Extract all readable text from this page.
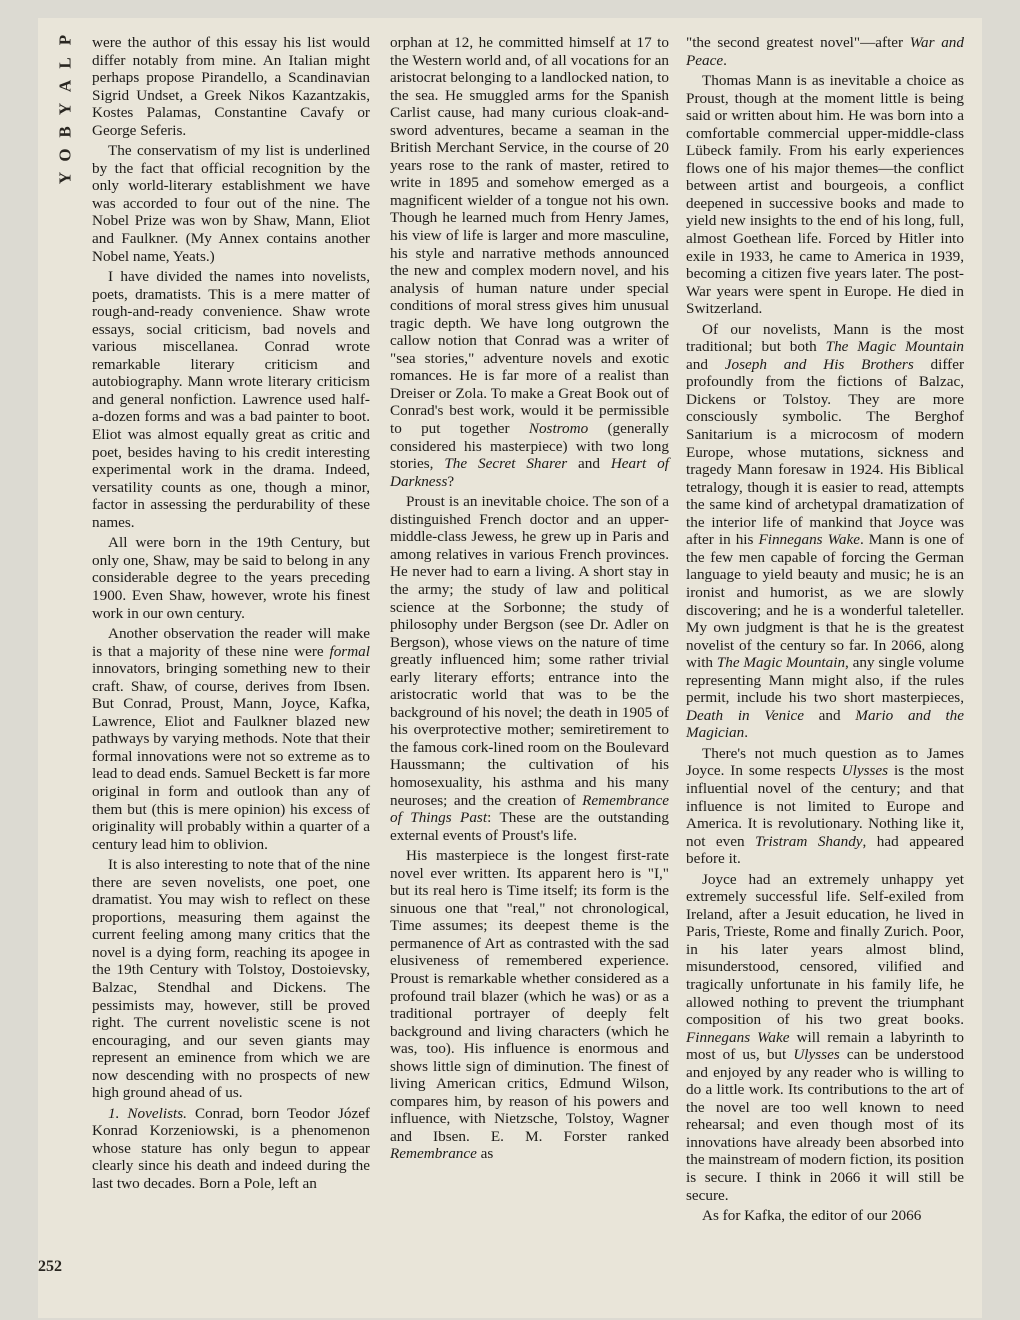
P
L
A
Y
B
O
Y
252

were the author of this essay his list would differ notably from mine. An Italian might perhaps propose Pirandello, a Scandinavian Sigrid Undset, a Greek Nikos Kazantzakis, Kostes Palamas, Constantine Cavafy or George Seferis.

The conservatism of my list is underlined by the fact that official recognition by the only world-literary establishment we have was accorded to four out of the nine. The Nobel Prize was won by Shaw, Mann, Eliot and Faulkner. (My Annex contains another Nobel name, Yeats.)

I have divided the names into novelists, poets, dramatists. This is a mere matter of rough-and-ready convenience. Shaw wrote essays, social criticism, bad novels and various miscellanea. Conrad wrote remarkable literary criticism and autobiography. Mann wrote literary criticism and general nonfiction. Lawrence used half-a-dozen forms and was a bad painter to boot. Eliot was almost equally great as critic and poet, besides having to his credit interesting experimental work in the drama. Indeed, versatility counts as one, though a minor, factor in assessing the perdurability of these names.

All were born in the 19th Century, but only one, Shaw, may be said to belong in any considerable degree to the years preceding 1900. Even Shaw, however, wrote his finest work in our own century.

Another observation the reader will make is that a majority of these nine were formal innovators, bringing something new to their craft. Shaw, of course, derives from Ibsen. But Conrad, Proust, Mann, Joyce, Kafka, Lawrence, Eliot and Faulkner blazed new pathways by varying methods. Note that their formal innovations were not so extreme as to lead to dead ends. Samuel Beckett is far more original in form and outlook than any of them but (this is mere opinion) his excess of originality will probably within a quarter of a century lead him to oblivion.

It is also interesting to note that of the nine there are seven novelists, one poet, one dramatist. You may wish to reflect on these proportions, measuring them against the current feeling among many critics that the novel is a dying form, reaching its apogee in the 19th Century with Tolstoy, Dostoievsky, Balzac, Stendhal and Dickens. The pessimists may, however, still be proved right. The current novelistic scene is not encouraging, and our seven giants may represent an eminence from which we are now descending with no prospects of new high ground ahead of us.

1. Novelists. Conrad, born Teodor Józef Konrad Korzeniowski, is a phenomenon whose stature has only begun to appear clearly since his death and indeed during the last two decades. Born a Pole, left an

orphan at 12, he committed himself at 17 to the Western world and, of all vocations for an aristocrat belonging to a landlocked nation, to the sea. He smuggled arms for the Spanish Carlist cause, had many curious cloak-and-sword adventures, became a seaman in the British Merchant Service, in the course of 20 years rose to the rank of master, retired to write in 1895 and somehow emerged as a magnificent wielder of a tongue not his own. Though he learned much from Henry James, his view of life is larger and more masculine, his style and narrative methods announced the new and complex modern novel, and his analysis of human nature under special conditions of moral stress gives him unusual tragic depth. We have long outgrown the callow notion that Conrad was a writer of "sea stories," adventure novels and exotic romances. He is far more of a realist than Dreiser or Zola. To make a Great Book out of Conrad's best work, would it be permissible to put together Nostromo (generally considered his masterpiece) with two long stories, The Secret Sharer and Heart of Darkness?

Proust is an inevitable choice. The son of a distinguished French doctor and an upper-middle-class Jewess, he grew up in Paris and among relatives in various French provinces. He never had to earn a living. A short stay in the army; the study of law and political science at the Sorbonne; the study of philosophy under Bergson (see Dr. Adler on Bergson), whose views on the nature of time greatly influenced him; some rather trivial early literary efforts; entrance into the aristocratic world that was to be the background of his novel; the death in 1905 of his overprotective mother; semiretirement to the famous cork-lined room on the Boulevard Haussmann; the cultivation of his homosexuality, his asthma and his many neuroses; and the creation of Remembrance of Things Past: These are the outstanding external events of Proust's life.

His masterpiece is the longest first-rate novel ever written. Its apparent hero is "I," but its real hero is Time itself; its form is the sinuous one that "real," not chronological, Time assumes; its deepest theme is the permanence of Art as contrasted with the sad elusiveness of remembered experience. Proust is remarkable whether considered as a profound trail blazer (which he was) or as a traditional portrayer of deeply felt background and living characters (which he was, too). His influence is enormous and shows little sign of diminution. The finest of living American critics, Edmund Wilson, compares him, by reason of his powers and influence, with Nietzsche, Tolstoy, Wagner and Ibsen. E. M. Forster ranked Remembrance as

"the second greatest novel"—after War and Peace.

Thomas Mann is as inevitable a choice as Proust, though at the moment little is being said or written about him. He was born into a comfortable commercial upper-middle-class Lübeck family. From his early experiences flows one of his major themes—the conflict between artist and bourgeois, a conflict deepened in successive books and made to yield new insights to the end of his long, full, almost Goethean life. Forced by Hitler into exile in 1933, he came to America in 1939, becoming a citizen five years later. The post-War years were spent in Europe. He died in Switzerland.

Of our novelists, Mann is the most traditional; but both The Magic Mountain and Joseph and His Brothers differ profoundly from the fictions of Balzac, Dickens or Tolstoy. They are more consciously symbolic. The Berghof Sanitarium is a microcosm of modern Europe, whose mutations, sickness and tragedy Mann foresaw in 1924. His Biblical tetralogy, though it is easier to read, attempts the same kind of archetypal dramatization of the interior life of mankind that Joyce was after in his Finnegans Wake. Mann is one of the few men capable of forcing the German language to yield beauty and music; he is an ironist and humorist, as we are slowly discovering; and he is a wonderful taleteller. My own judgment is that he is the greatest novelist of the century so far. In 2066, along with The Magic Mountain, any single volume representing Mann might also, if the rules permit, include his two short masterpieces, Death in Venice and Mario and the Magician.

There's not much question as to James Joyce. In some respects Ulysses is the most influential novel of the century; and that influence is not limited to Europe and America. It is revolutionary. Nothing like it, not even Tristram Shandy, had appeared before it.

Joyce had an extremely unhappy yet extremely successful life. Self-exiled from Ireland, after a Jesuit education, he lived in Paris, Trieste, Rome and finally Zurich. Poor, in his later years almost blind, misunderstood, censored, vilified and tragically unfortunate in his family life, he allowed nothing to prevent the triumphant composition of his two great books. Finnegans Wake will remain a labyrinth to most of us, but Ulysses can be understood and enjoyed by any reader who is willing to do a little work. Its contributions to the art of the novel are too well known to need rehearsal; and even though most of its innovations have already been absorbed into the mainstream of modern fiction, its position is secure. I think in 2066 it will still be secure.

As for Kafka, the editor of our 2066
